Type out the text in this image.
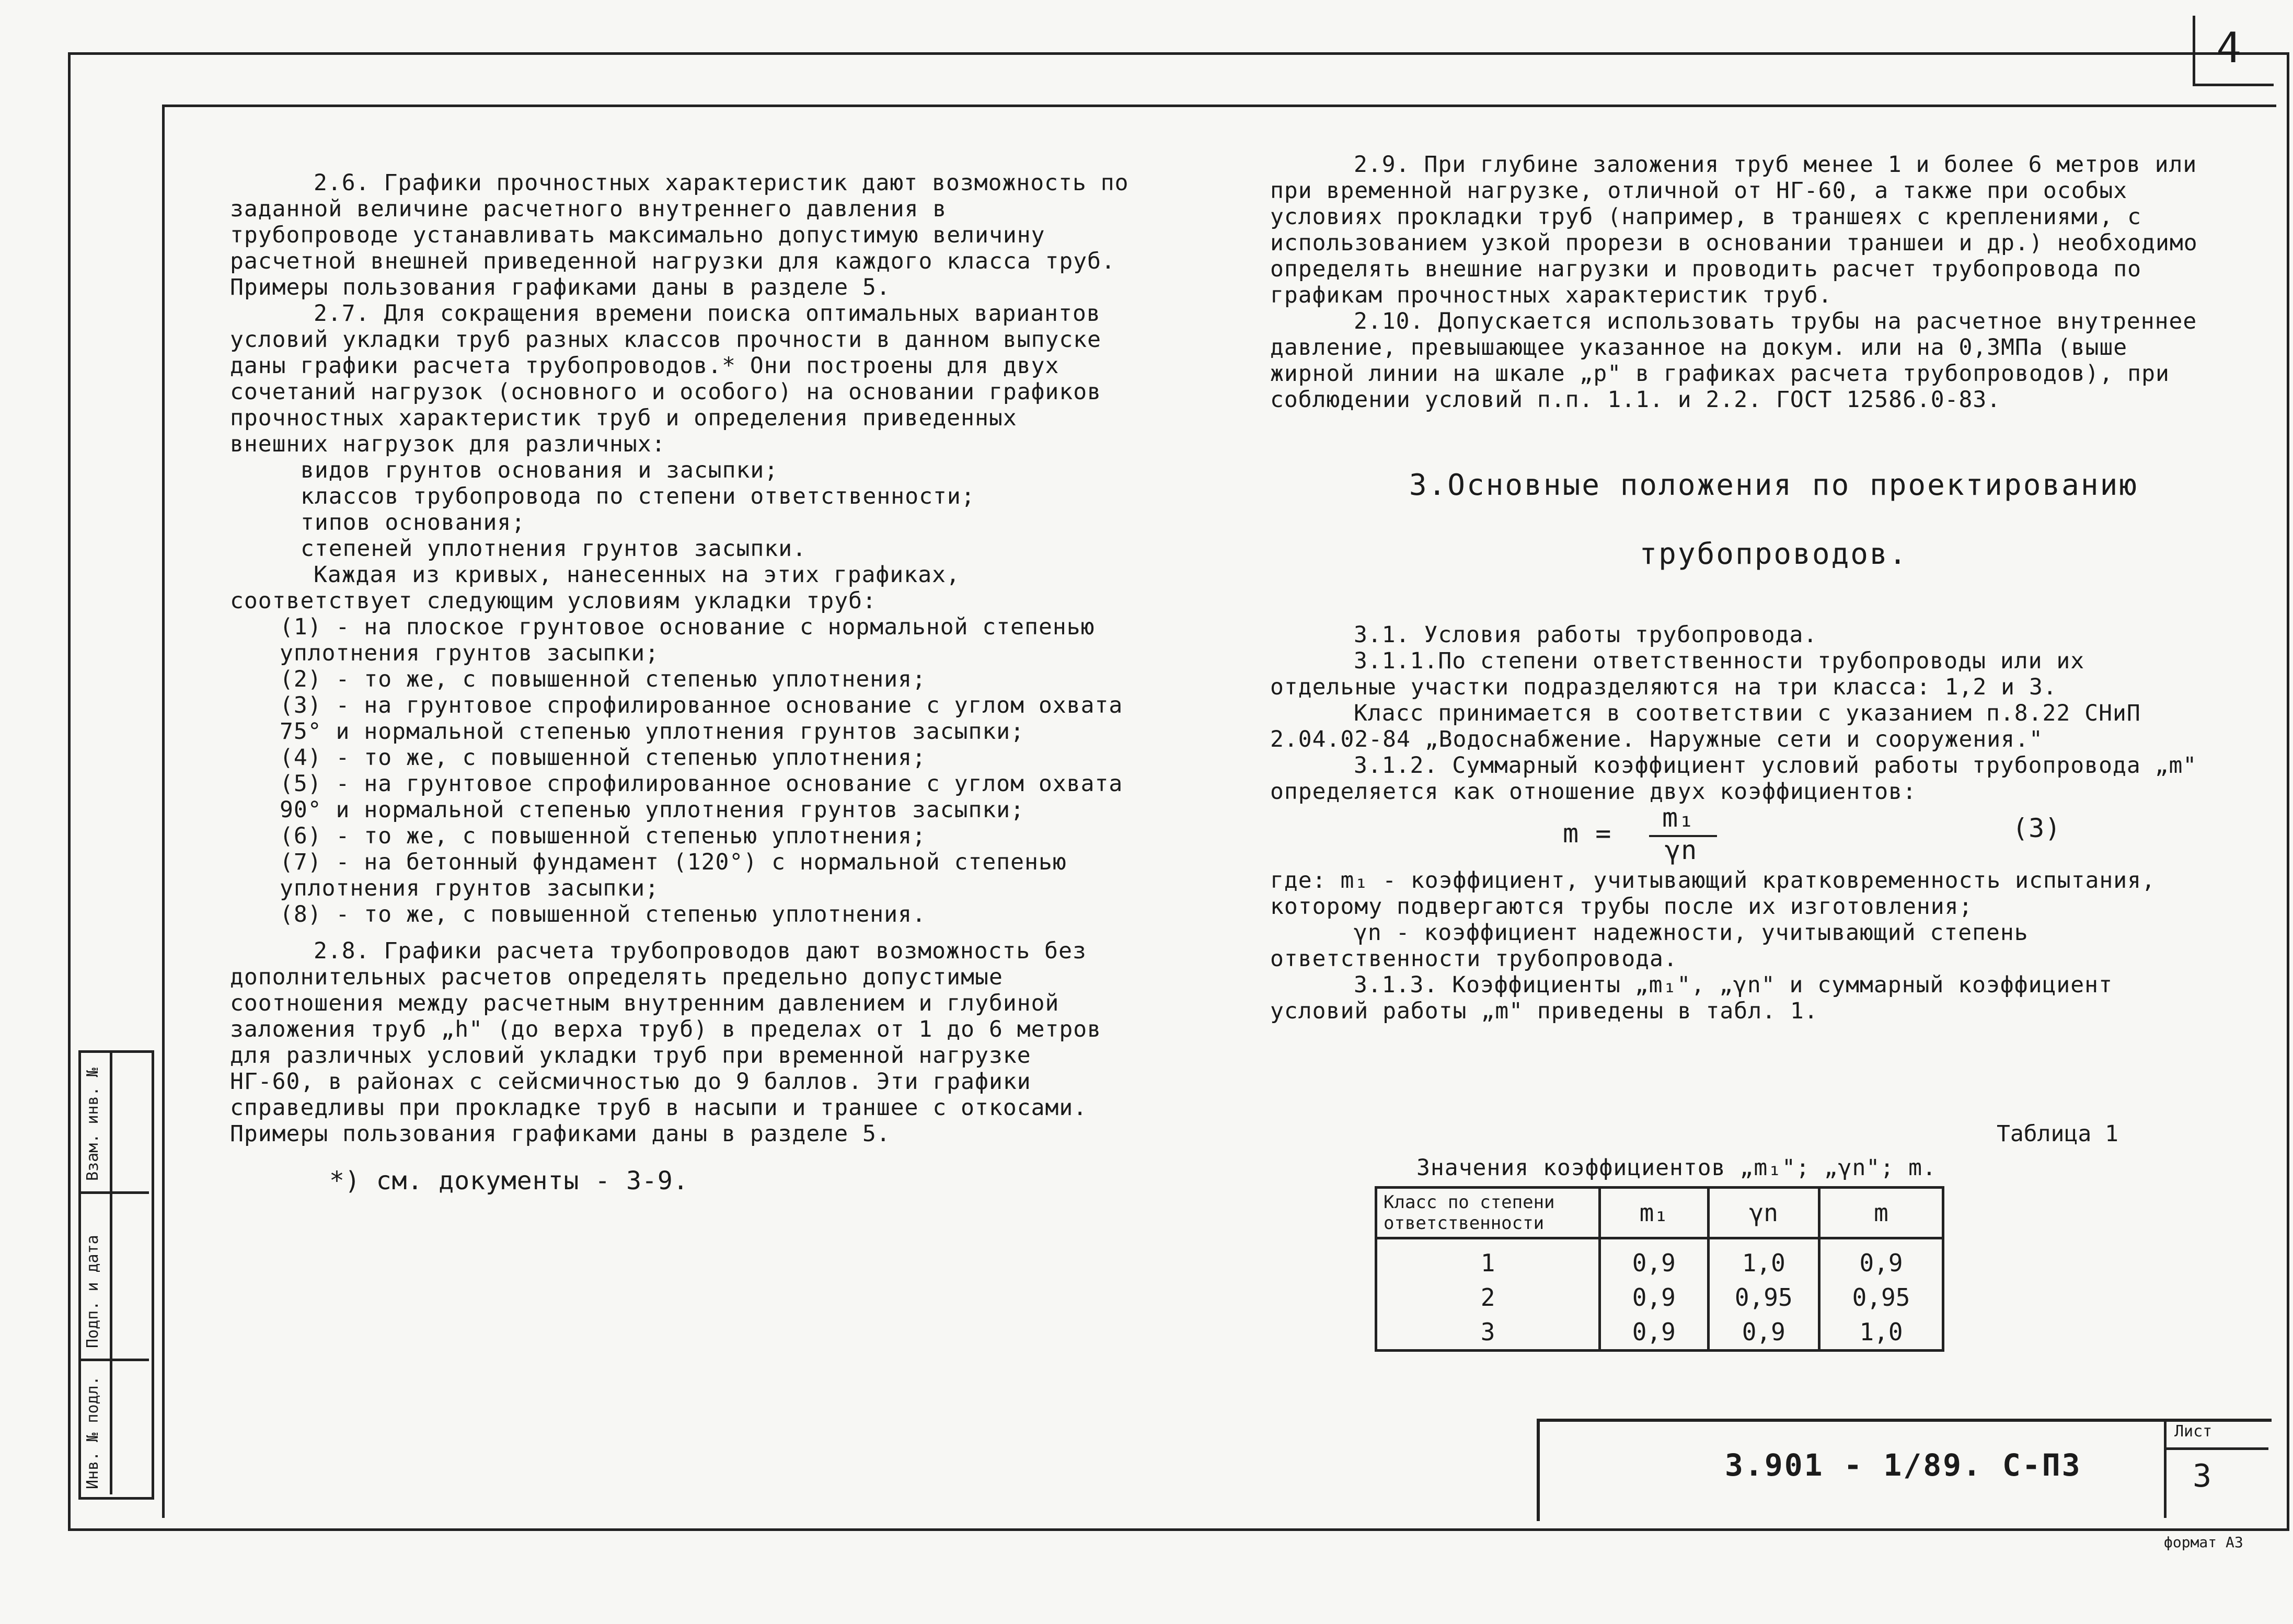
4
Инв. № подл.
Подп. и дата
Взам. инв. №

2.6. Графики прочностных характеристик дают возможность по заданной величине расчетного внутреннего давления в трубопроводе устанавливать максимально допустимую величину расчетной внешней приведенной нагрузки для каждого класса труб. Примеры пользования графиками даны в разделе 5.

2.7. Для сокращения времени поиска оптимальных вариантов условий укладки труб разных классов прочности в данном выпуске даны графики расчета трубопроводов.* Они построены для двух сочетаний нагрузок (основного и особого) на основании графиков прочностных характеристик труб и определения приведенных внешних нагрузок для различных:

видов грунтов основания и засыпки;

классов трубопровода по степени ответственности;

типов основания;

степеней уплотнения грунтов засыпки.

Каждая из кривых, нанесенных на этих графиках, соответствует следующим условиям укладки труб:

(1) - на плоское грунтовое основание с нормальной степенью уплотнения грунтов засыпки;

(2) - то же, с повышенной степенью уплотнения;

(3) - на грунтовое спрофилированное основание с углом охвата 75° и нормальной степенью уплотнения грунтов засыпки;

(4) - то же, с повышенной степенью уплотнения;

(5) - на грунтовое спрофилированное основание с углом охвата 90° и нормальной степенью уплотнения грунтов засыпки;

(6) - то же, с повышенной степенью уплотнения;

(7) - на бетонный фундамент (120°) с нормальной степенью уплотнения грунтов засыпки;

(8) - то же, с повышенной степенью уплотнения.

2.8. Графики расчета трубопроводов дают возможность без дополнительных расчетов определять предельно допустимые соотношения между расчетным внутренним давлением и глубиной заложения труб „h" (до верха труб) в пределах от 1 до 6 метров для различных условий укладки труб при временной нагрузке НГ-60, в районах с сейсмичностью до 9 баллов. Эти графики справедливы при прокладке труб в насыпи и траншее с откосами. Примеры пользования графиками даны в разделе 5.

*) см. документы - 3-9.

2.9. При глубине заложения труб менее 1 и более 6 метров или при временной нагрузке, отличной от НГ-60, а также при особых условиях прокладки труб (например, в траншеях с креплениями, с использованием узкой прорези в основании траншеи и др.) необходимо определять внешние нагрузки и проводить расчет трубопровода по графикам прочностных характеристик труб.

2.10. Допускается использовать трубы на расчетное внутреннее давление, превышающее указанное на докум. или на 0,3МПа (выше жирной линии на шкале „p" в графиках расчета трубопроводов), при соблюдении условий п.п. 1.1. и 2.2. ГОСТ 12586.0-83.

3.Основные положения по проектированию

трубопроводов.

3.1. Условия работы трубопровода.

3.1.1.По степени ответственности трубопроводы или их отдельные участки подразделяются на три класса: 1,2 и 3.

Класс принимается в соответствии с указанием п.8.22 СНиП 2.04.02-84 „Водоснабжение. Наружные сети и сооружения."

3.1.2. Суммарный коэффициент условий работы трубопровода „m" определяется как отношение двух коэффициентов:

m =
m₁
γn
(3)

где: m₁ - коэффициент, учитывающий кратковременность испытания, которому подвергаются трубы после их изготовления;

γn - коэффициент надежности, учитывающий степень ответственности трубопровода.

3.1.3. Коэффициенты „m₁", „γn" и суммарный коэффициент условий работы „m" приведены в табл. 1.

Таблица 1
Значения коэффициентов „m₁"; „γn"; m.
Класс по степени ответственности	m₁	γn	m
1	0,9	1,0	0,9
2	0,9	0,95	0,95
3	0,9	0,9	1,0
3.901 - 1/89. С-ПЗ
Лист
3
формат А3
